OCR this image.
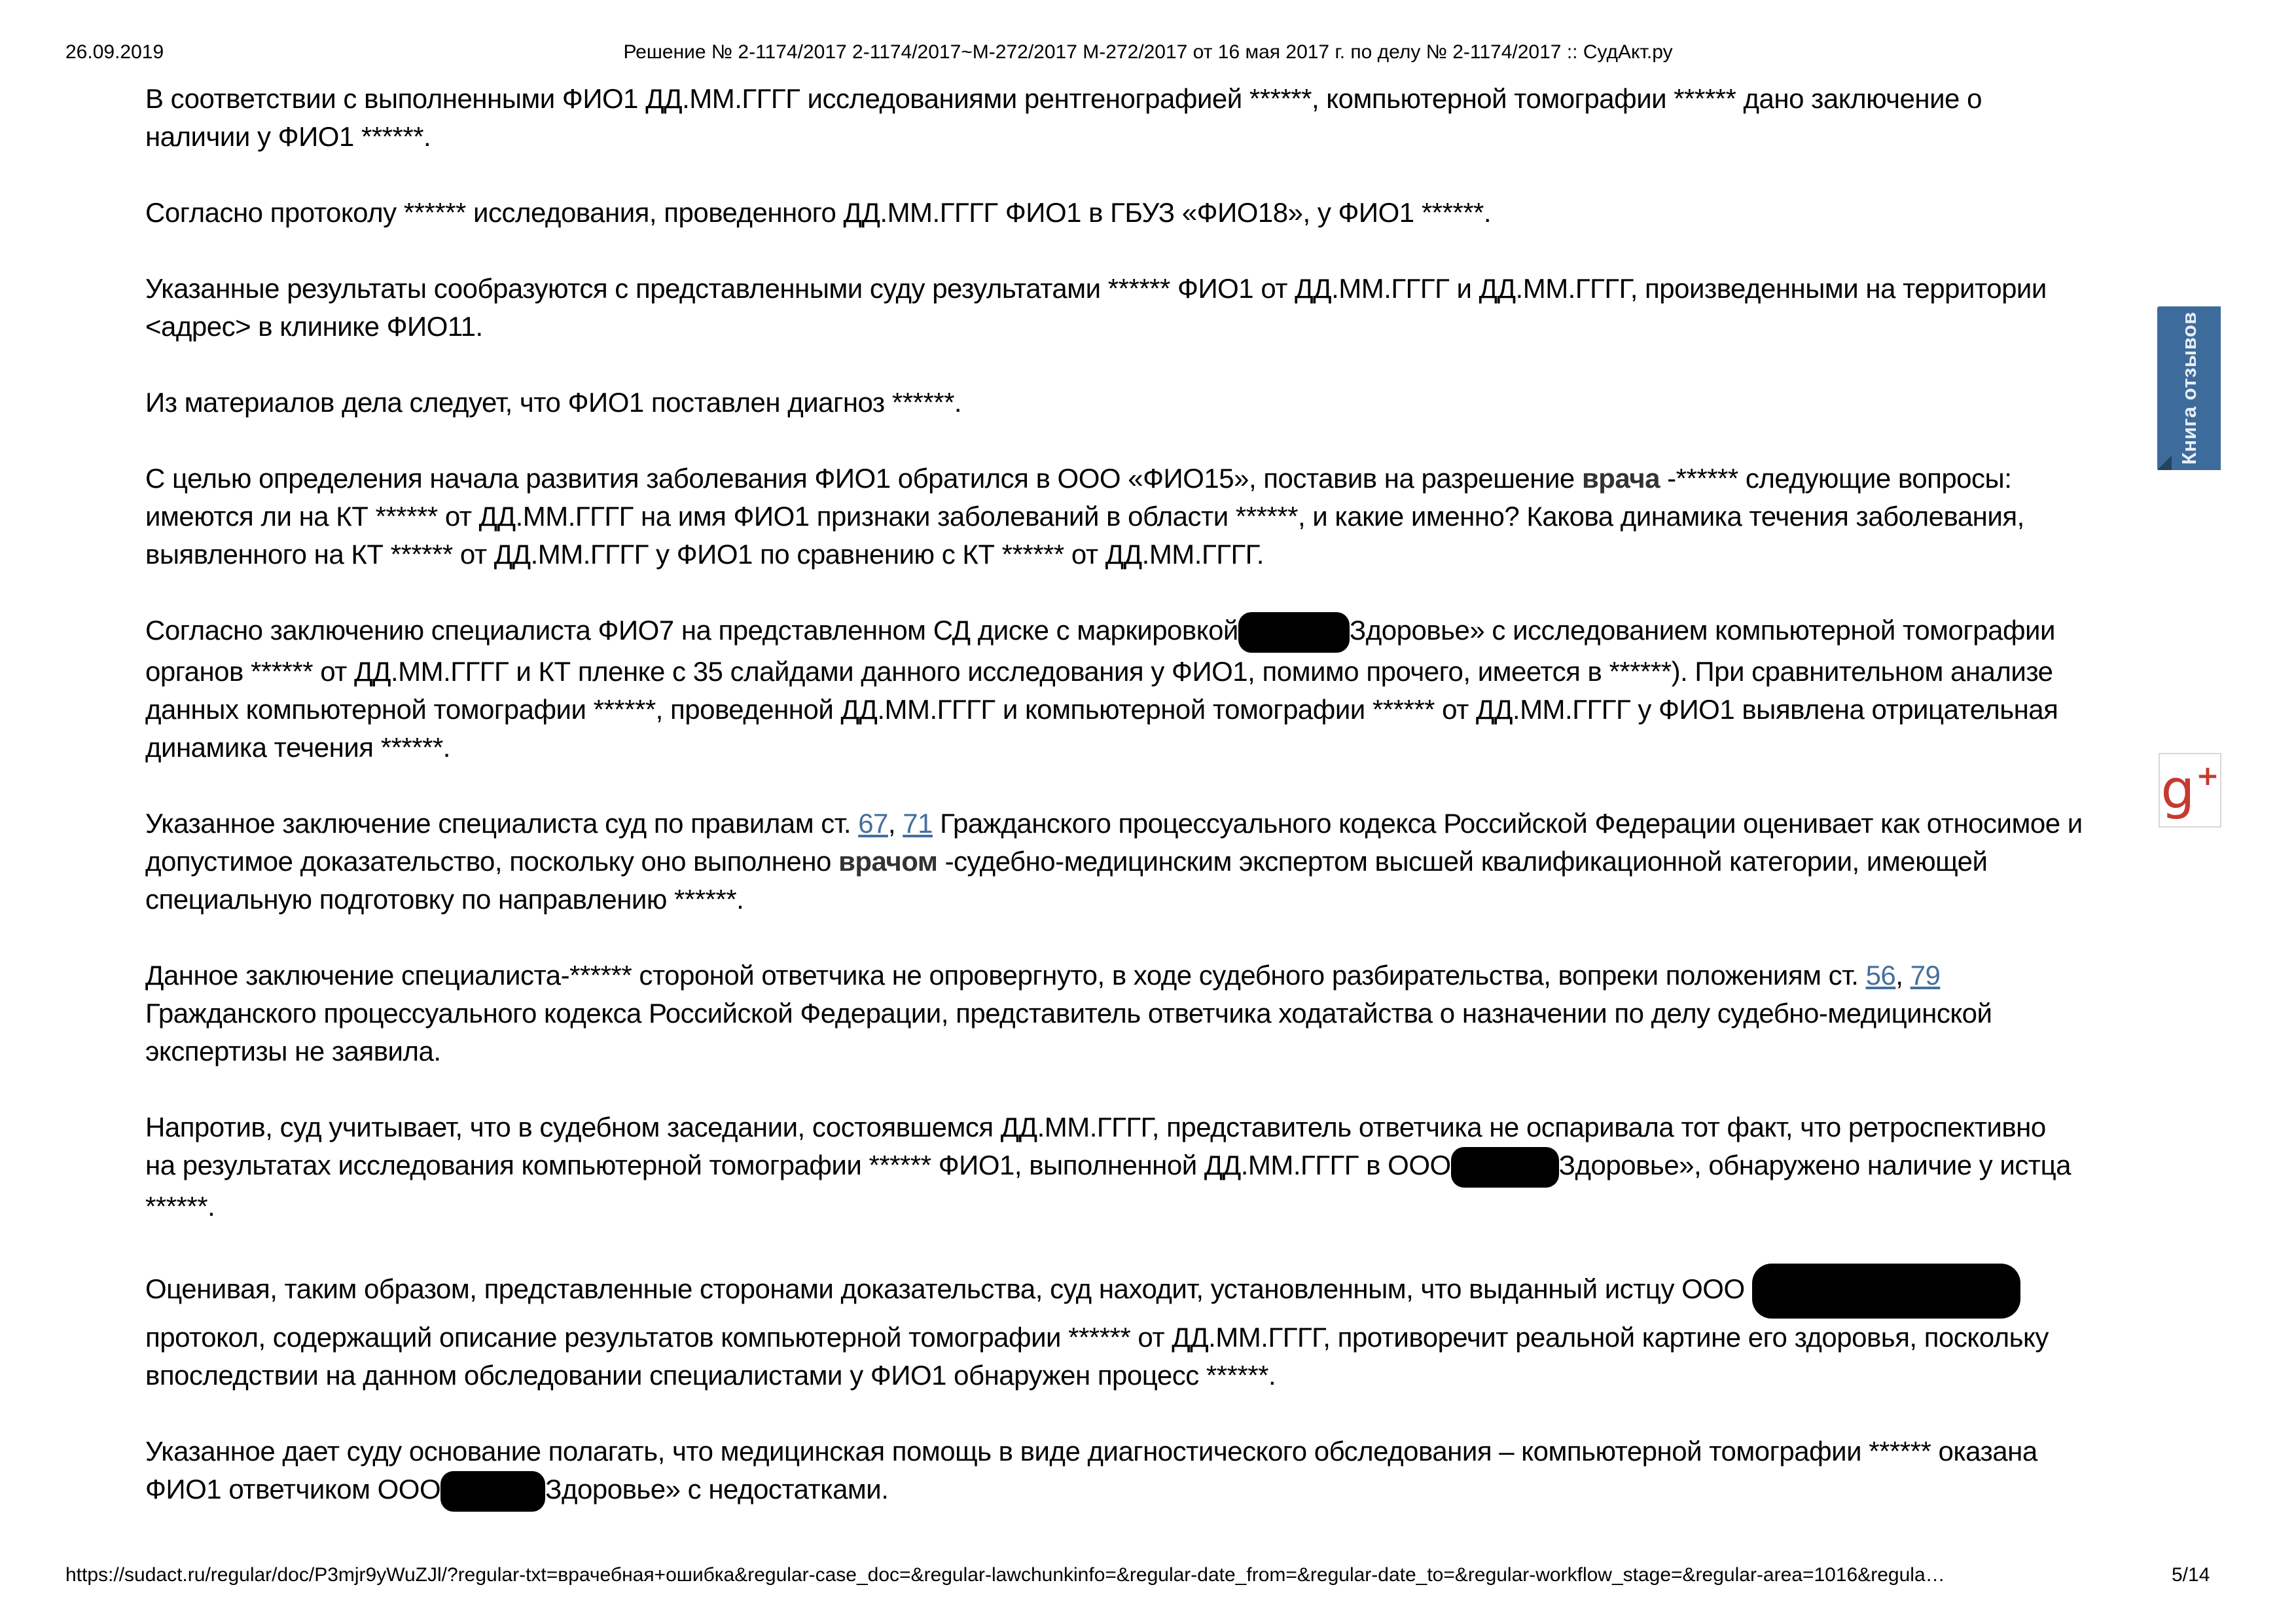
26.09.2019	Решение № 2-1174/2017 2-1174/2017~М-272/2017 М-272/2017 от 16 мая 2017 г. по делу № 2-1174/2017 :: СудАкт.ру

В соответствии с выполненными ФИО1 ДД.ММ.ГГГГ исследованиями рентгенографией ******, компьютерной томографии ****** дано заключение о наличии у ФИО1 ******.

Согласно протоколу ****** исследования, проведенного ДД.ММ.ГГГГ ФИО1 в ГБУЗ «ФИО18», у ФИО1 ******.

Указанные результаты сообразуются с представленными суду результатами ****** ФИО1 от ДД.ММ.ГГГГ и ДД.ММ.ГГГГ, произведенными на территории <адрес> в клинике ФИО11.

Из материалов дела следует, что ФИО1 поставлен диагноз ******.

С целью определения начала развития заболевания ФИО1 обратился в ООО «ФИО15», поставив на разрешение врача -****** следующие вопросы: имеются ли на КТ ****** от ДД.ММ.ГГГГ на имя ФИО1 признаки заболеваний в области ******, и какие именно? Какова динамика течения заболевания, выявленного на КТ ****** от ДД.ММ.ГГГГ у ФИО1 по сравнению с КТ ****** от ДД.ММ.ГГГГ.

Согласно заключению специалиста ФИО7 на представленном СД диске с маркировкой	Здоровье» с исследованием компьютерной томографии органов ****** от ДД.ММ.ГГГГ и КТ пленке с 35 слайдами данного исследования у ФИО1, помимо прочего, имеется в ******). При сравнительном анализе данных компьютерной томографии ******, проведенной ДД.ММ.ГГГГ и компьютерной томографии ****** от ДД.ММ.ГГГГ у ФИО1 выявлена отрицательная динамика течения ******.

Указанное заключение специалиста суд по правилам ст. 67, 71 Гражданского процессуального кодекса Российской Федерации оценивает как относимое и допустимое доказательство, поскольку оно выполнено врачом -судебно-медицинским экспертом высшей квалификационной категории, имеющей специальную подготовку по направлению ******.

Данное заключение специалиста-****** стороной ответчика не опровергнуто, в ходе судебного разбирательства, вопреки положениям ст. 56, 79 Гражданского процессуального кодекса Российской Федерации, представитель ответчика ходатайства о назначении по делу судебно-медицинской экспертизы не заявила.

Напротив, суд учитывает, что в судебном заседании, состоявшемся ДД.ММ.ГГГГ, представитель ответчика не оспаривала тот факт, что ретроспективно на результатах исследования компьютерной томографии ****** ФИО1, выполненной ДД.ММ.ГГГГ в ООО	Здоровье», обнаружено наличие у истца ******.

Оценивая, таким образом, представленные сторонами доказательства, суд находит, установленным, что выданный истцу ООО протокол, содержащий описание результатов компьютерной томографии ****** от ДД.ММ.ГГГГ, противоречит реальной картине его здоровья, поскольку впоследствии на данном обследовании специалистами у ФИО1 обнаружен процесс ******.

Указанное дает суду основание полагать, что медицинская помощь в виде диагностического обследования – компьютерной томографии ****** оказана ФИО1 ответчиком ООО	Здоровье» с недостатками.

Книга отзывов
g +
https://sudact.ru/regular/doc/P3mjr9yWuZJl/?regular-txt=врачебная+ошибка&regular-case_doc=&regular-lawchunkinfo=&regular-date_from=&regular-date_to=&regular-workflow_stage=&regular-area=1016&regula…	5/14
